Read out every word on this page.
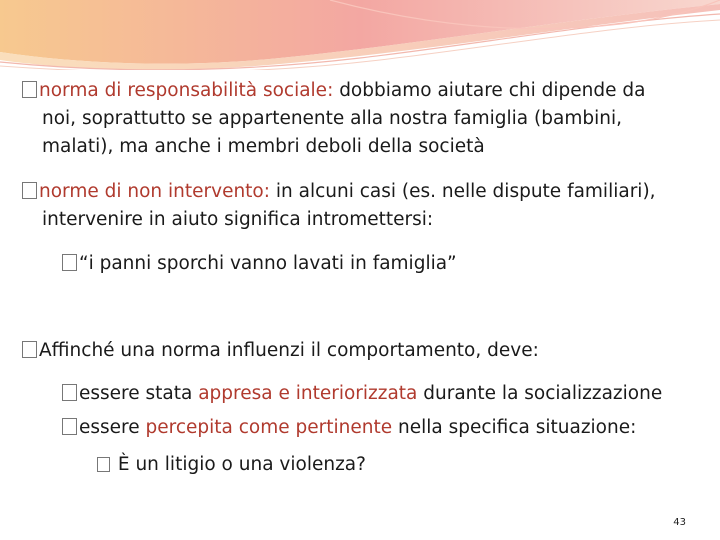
norma di responsabilità sociale: dobbiamo aiutare chi dipende da
noi, soprattutto se appartenente alla nostra famiglia (bambini,
malati), ma anche i membri deboli della società
norme di non intervento: in alcuni casi (es. nelle dispute familiari),
intervenire in aiuto significa intromettersi:
“i panni sporchi vanno lavati in famiglia”
Affinché una norma influenzi il comportamento, deve:
essere stata appresa e interiorizzata durante la socializzazione
essere percepita come pertinente nella specifica situazione:
È un litigio o una violenza?
43
